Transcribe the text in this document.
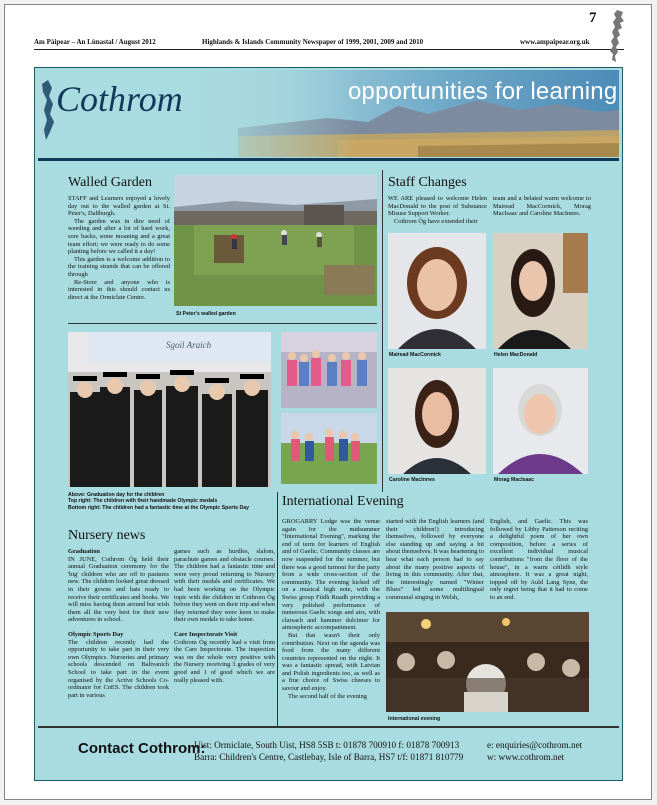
Am Pàipear – An Lùnastal / August 2012	Highlands & Islands Community Newspaper of 1999, 2001, 2009 and 2010	www.ampaipear.org.uk
7
Cothrom	opportunities for learning
Walled Garden

STAFF and Learners enjoyed a lovely day out to the walled garden at St. Peter's, Daliburgh.

The garden was in dire need of weeding and after a lot of hard work, sore backs, some moaning and a great team effort; we were ready to do some planting before we called it a day!

This garden is a welcome addition to the training strands that can be offered through

Re-Store and anyone who is interested in this should contact us direct at the Ormiclate Centre.

St Peter's walled garden
Sgoil Araich
Above: Graduation day for the children
Top right: The children with their handmade Olympic medals
Bottom right: The children had a fantastic time at the Olympic Sports Day
Staff Changes

WE ARE pleased to welcome Helen MacDonald to the post of Substance Misuse Support Worker.

Cothrom Òg have extended their

team and a belated warm welcome to Mairead MacCormick, Morag MacIsaac and Caroline MacInnes.

Mairead MacCormick	Helen MacDonald
Caroline MacInnes	Morag MacIsaac
Nursery news

Graduation

IN JUNE, Cothrom Òg held their annual Graduation ceremony for the 'big' children who are off to pastures new. The children looked great dressed in their gowns and hats ready to receive their certificates and books. We will miss having them around but wish them all the very best for their new adventures in school.

Olympic Sports Day

The children recently had the opportunity to take part in their very own Olympics. Nurseries and primary schools descended on Balivanich School to take part in the event organised by the Active Schools Co-ordinator for CnES. The children took part in various

games such as hurdles, slalom, parachute games and obstacle courses. The children had a fantastic time and were very proud returning to Nursery with their medals and certificates. We had been working on the Olympic topic with the children in Cothrom Òg before they went on their trip and when they returned they were keen to make their own medals to take home.

Care Inspectorate Visit

Cothrom Òg recently had a visit from the Care Inspectorate. The inspection was on the whole very positive with the Nursery receiving 3 grades of very good and 1 of good which we are really pleased with.

International Evening

GROGARRY Lodge was the venue again for the midsummer "International Evening", marking the end of term for learners of English and of Gaelic. Community classes are now suspended for the summer, but there was a good turnout for the party from a wide cross-section of the community. The evening kicked off on a musical high note, with the Swiss group Fiìdh Ruadh providing a very polished performance of numerous Gaelic songs and airs, with clarsach and hammer dulcimer for atmospheric accompaniment.

But that wasn't their only contribution. Next on the agenda was food from the many different countries represented on the night. It was a fantastic spread, with Latvian and Polish ingredients too, as well as a fine choice of Swiss cheeses to savour and enjoy.

The second half of the evening

started with the English learners (and their children!) introducing themselves, followed by everyone else standing up and saying a bit about themselves. It was heartening to hear what each person had to say about the many positive aspects of living in this community. After that, the interestingly named "Winter Blues" led some multilingual communal singing in Welsh,

English, and Gaelic. This was followed by Libby Patterson reciting a delightful poem of her own composition, before a series of excellent individual musical contributions "from the floor of the house", in a warm cèilidh style atmosphere. It was a great night, topped off by Auld Lang Syne, the only regret being that it had to come to an end.

International evening
Contact Cothrom:
Uist: Ormiclate, South Uist, HS8 5SB t: 01878 700910 f: 01878 700913
Barra: Children's Centre, Castlebay, Isle of Barra, HS7 t/f: 01871 810779
e: enquiries@cothrom.net
w: www.cothrom.net
